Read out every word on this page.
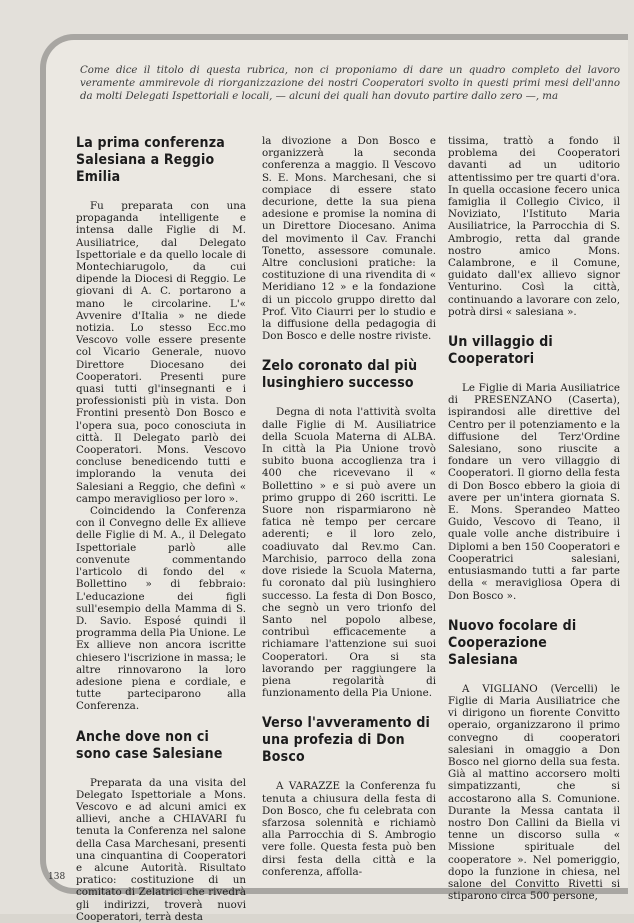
Come dice il titolo di questa rubrica, non ci proponiamo di dare un quadro completo del lavoro veramente ammirevole di riorganizzazione dei nostri Cooperatori svolto in questi primi mesi dell'anno da molti Delegati Ispettoriali e locali, — alcuni dei quali han dovuto partire dallo zero —, ma
La prima conferenza Salesiana a Reggio Emilia

Fu preparata con una propaganda intelligente e intensa dalle Figlie di M. Ausiliatrice, dal Delegato Ispettoriale e da quello locale di Montechiarugolo, da cui dipende la Diocesi di Reggio. Le giovani di A. C. portarono a mano le circolarine. L'« Avvenire d'Italia » ne diede notizia. Lo stesso Ecc.mo Vescovo volle essere presente col Vicario Generale, nuovo Direttore Diocesano dei Cooperatori. Presenti pure quasi tutti gl'insegnanti e i professionisti più in vista. Don Frontini presentò Don Bosco e l'opera sua, poco conosciuta in città. Il Delegato parlò dei Cooperatori. Mons. Vescovo concluse benedicendo tutti e implorando la venuta dei Salesiani a Reggio, che definì « campo meraviglioso per loro ».

Coincidendo la Conferenza con il Convegno delle Ex allieve delle Figlie di M. A., il Delegato Ispettoriale parlò alle convenute commentando l'articolo di fondo del « Bollettino » di febbraio: L'educazione dei figli sull'esempio della Mamma di S. D. Savio. Esposé quindi il programma della Pia Unione. Le Ex allieve non ancora iscritte chiesero l'iscrizione in massa; le altre rinnovarono la loro adesione piena e cordiale, e tutte parteciparono alla Conferenza.

Anche dove non ci sono case Salesiane

Preparata da una visita del Delegato Ispettoriale a Mons. Vescovo e ad alcuni amici ex allievi, anche a CHIAVARI fu tenuta la Conferenza nel salone della Casa Marchesani, presenti una cinquantina di Cooperatori e alcune Autorità. Risultato pratico: costituzione di un comitato di Zelatrici che rivedrà gli indirizzi, troverà nuovi Cooperatori, terrà desta

la divozione a Don Bosco e organizzerà la seconda conferenza a maggio. Il Vescovo S. E. Mons. Marchesani, che si compiace di essere stato decurione, dette la sua piena adesione e promise la nomina di un Direttore Diocesano. Anima del movimento il Cav. Franchi Tonetto, assessore comunale. Altre conclusioni pratiche: la costituzione di una rivendita di « Meridiano 12 » e la fondazione di un piccolo gruppo diretto dal Prof. Vito Ciaurri per lo studio e la diffusione della pedagogia di Don Bosco e delle nostre riviste.

Zelo coronato dal più lusinghiero successo

Degna di nota l'attività svolta dalle Figlie di M. Ausiliatrice della Scuola Materna di ALBA. In città la Pia Unione trovò subito buona accoglienza tra i 400 che ricevevano il « Bollettino » e si può avere un primo gruppo di 260 iscritti. Le Suore non risparmiarono nè fatica nè tempo per cercare aderenti; e il loro zelo, coadiuvato dal Rev.mo Can. Marchisio, parroco della zona dove risiede la Scuola Materna, fu coronato dal più lusinghiero successo. La festa di Don Bosco, che segnò un vero trionfo del Santo nel popolo albese, contribuì efficacemente a richiamare l'attenzione sui suoi Cooperatori. Ora si sta lavorando per raggiungere la piena regolarità di funzionamento della Pia Unione.

Verso l'avveramento di una profezia di Don Bosco

A VARAZZE la Conferenza fu tenuta a chiusura della festa di Don Bosco, che fu celebrata con sfarzosa solennità e richiamò alla Parrocchia di S. Ambrogio vere folle. Questa festa può ben dirsi festa della città e la conferenza, affolla-

tissima, trattò a fondo il problema dei Cooperatori davanti ad un uditorio attentissimo per tre quarti d'ora. In quella occasione fecero unica famiglia il Collegio Civico, il Noviziato, l'Istituto Maria Ausiliatrice, la Parrocchia di S. Ambrogio, retta dal grande nostro amico Mons. Calambrone, e il Comune, guidato dall'ex allievo signor Venturino. Così la città, continuando a lavorare con zelo, potrà dirsi « salesiana ».

Un villaggio di Cooperatori

Le Figlie di Maria Ausiliatrice di PRESENZANO (Caserta), ispirandosi alle direttive del Centro per il potenziamento e la diffusione del Terz'Ordine Salesiano, sono riuscite a fondare un vero villaggio di Cooperatori. Il giorno della festa di Don Bosco ebbero la gioia di avere per un'intera giornata S. E. Mons. Sperandeo Matteo Guido, Vescovo di Teano, il quale volle anche distribuire i Diplomi a ben 150 Cooperatori e Cooperatrici salesiani, entusiasmando tutti a far parte della « meravigliosa Opera di Don Bosco ».

Nuovo focolare di Cooperazione Salesiana

A VIGLIANO (Vercelli) le Figlie di Maria Ausiliatrice che vi dirigono un fiorente Convitto operaio, organizzarono il primo convegno di cooperatori salesiani in omaggio a Don Bosco nel giorno della sua festa. Già al mattino accorsero molti simpatizzanti, che si accostarono alla S. Comunione. Durante la Messa cantata il nostro Don Callini da Biella vi tenne un discorso sulla « Missione spirituale del cooperatore ». Nel pomeriggio, dopo la funzione in chiesa, nel salone del Convitto Rivetti si stiparono circa 500 persone,

138
